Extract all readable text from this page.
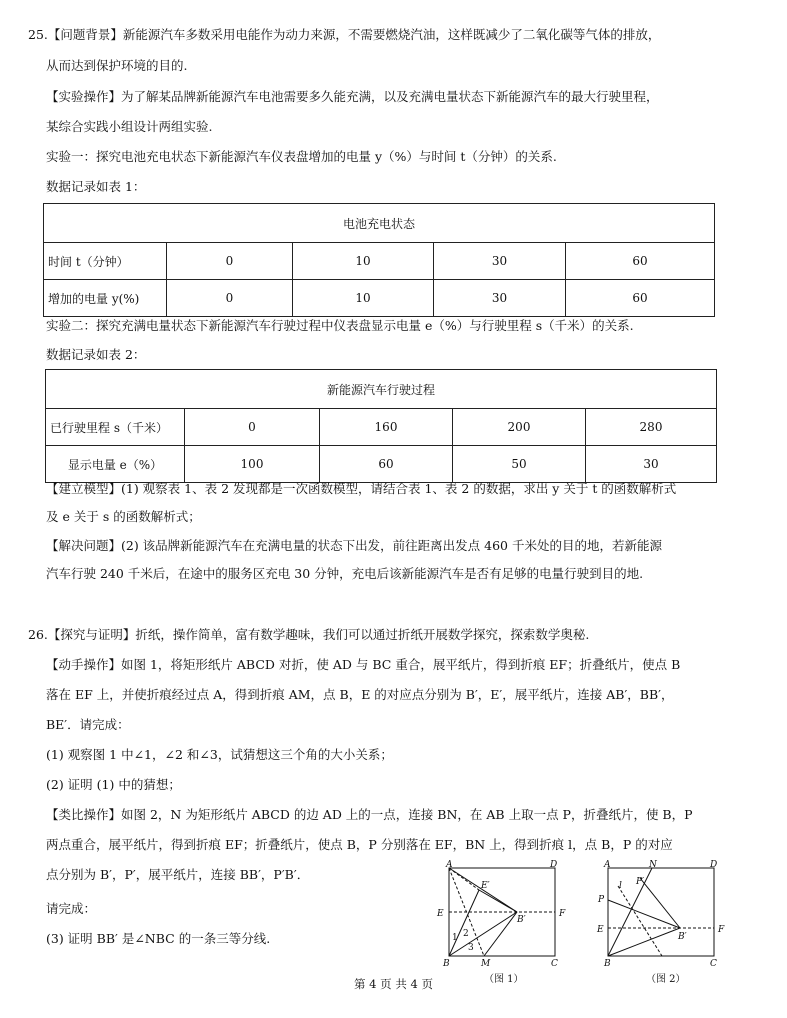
25.【问题背景】新能源汽车多数采用电能作为动力来源，不需要燃烧汽油，这样既减少了二氧化碳等气体的排放，
从而达到保护环境的目的.
【实验操作】为了解某品牌新能源汽车电池需要多久能充满，以及充满电量状态下新能源汽车的最大行驶里程，
某综合实践小组设计两组实验.
实验一：探究电池充电状态下新能源汽车仪表盘增加的电量 y（%）与时间 t（分钟）的关系.
数据记录如表 1：
电池充电状态				
时间 t（分钟）	0	10	30	60
增加的电量 y(%)	0	10	30	60
实验二：探究充满电量状态下新能源汽车行驶过程中仪表盘显示电量 e（%）与行驶里程 s（千米）的关系.
数据记录如表 2：
新能源汽车行驶过程				
已行驶里程 s（千米）	0	160	200	280
显示电量 e（%）	100	60	50	30
【建立模型】(1) 观察表 1、表 2 发现都是一次函数模型，请结合表 1、表 2 的数据，求出 y 关于 t 的函数解析式
及 e 关于 s 的函数解析式；
【解决问题】(2) 该品牌新能源汽车在充满电量的状态下出发，前往距离出发点 460 千米处的目的地，若新能源
汽车行驶 240 千米后，在途中的服务区充电 30 分钟，充电后该新能源汽车是否有足够的电量行驶到目的地.
26.【探究与证明】折纸，操作简单，富有数学趣味，我们可以通过折纸开展数学探究，探索数学奥秘.
【动手操作】如图 1，将矩形纸片 ABCD 对折，使 AD 与 BC 重合，展平纸片，得到折痕 EF；折叠纸片，使点 B
落在 EF 上，并使折痕经过点 A，得到折痕 AM，点 B，E 的对应点分别为 B′，E′，展平纸片，连接 AB′，BB′，
BE′．请完成：
(1) 观察图 1 中∠1，∠2 和∠3，试猜想这三个角的大小关系；
(2) 证明 (1) 中的猜想；
【类比操作】如图 2，N 为矩形纸片 ABCD 的边 AD 上的一点，连接 BN，在 AB 上取一点 P，折叠纸片，使 B，P
两点重合，展平纸片，得到折痕 EF；折叠纸片，使点 B，P 分别落在 EF，BN 上，得到折痕 l，点 B，P 的对应
点分别为 B′，P′，展平纸片，连接 BB′，P′B′．
请完成：
(3) 证明 BB′ 是∠NBC 的一条三等分线.
A	D
E	F
B	C
M
E′
B′
1 2
3
（图 1）
A	N	D
P
P′
l
E	F
B′
B	C
（图 2）
第 4 页 共 4 页
